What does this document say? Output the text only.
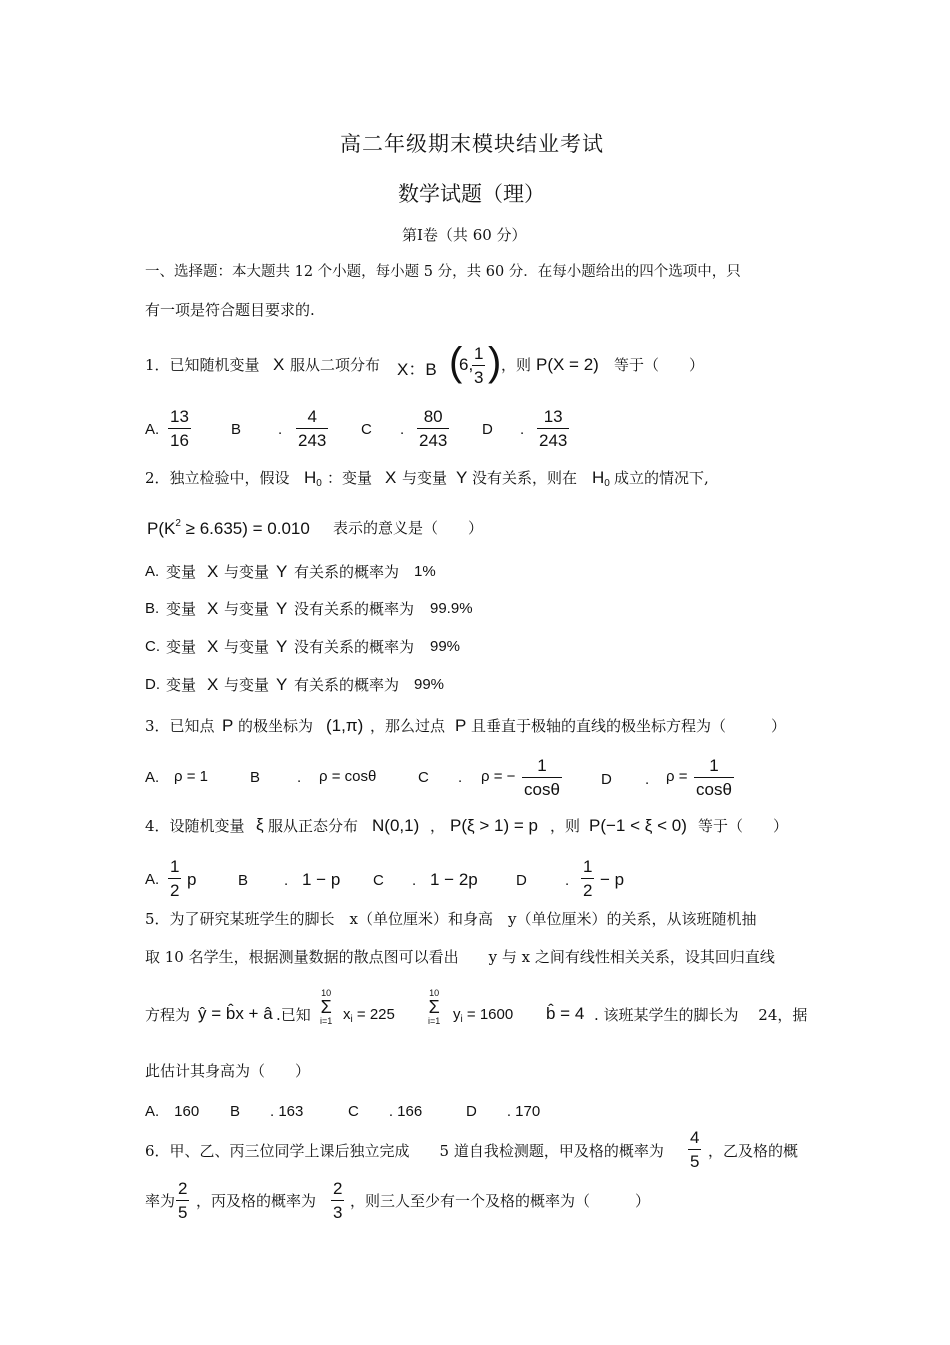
高二年级期末模块结业考试
数学试题（理）
第Ⅰ卷（共 60 分）
一、选择题：本大题共 12 个小题，每小题 5 分，共 60 分．在每小题给出的四个选项中，只
有一项是符合题目要求的.
1．已知随机变量 X 服从二项分布 X：B (
6,
$\frac{1}{3}$ ) ，则 P(X = 2) 等于（　　）
A. $\frac{13}{16}$	B . $\frac{4}{243}$ C . $\frac{80}{243}$ D . $\frac{13}{243}$
2．独立检验中，假设 $H_0$ ：变量 X 与变量 Y 没有关系，则在 $H_0$ 成立的情况下,
$P(K^2 \ge 6.635) = 0.010$ 表示的意义是（　　）
A. 变量 X 与变量 Y 有关系的概率为 1%
B. 变量 X 与变量 Y 没有关系的概率为 99.9%
C. 变量 X 与变量 Y 没有关系的概率为 99%
D. 变量 X 与变量 Y 有关系的概率为 99%
3．已知点 P 的极坐标为 (1,π) ，那么过点 P 且垂直于极轴的直线的极坐标方程为（　　　）
A. ρ = 1	B . ρ = cosθ	C . ρ = − $\frac{1}{\cos\theta}$	D . $\rho = \frac{1}{\cos\theta}$
4．设随机变量 ξ 服从正态分布 N(0,1) ， P(ξ > 1) = p ，则 P(−1 < ξ < 0) 等于（　　）
A. $\frac{1}{2}$ p	B . 1 − p C . 1 − 2p	D	. $\frac{1}{2} - p$
5．为了研究某班学生的脚长　x（单位厘米）和身高　y（单位厘米）的关系，从该班随机抽
取 10 名学生，根据测量数据的散点图可以看出　　y 与 x 之间有线性相关关系，设其回归直线
方程为 ŷ = b̂x + â .已知
10
Σ
i=1 $x_i = 225$
10
Σ
i=1 $y_i = 1600$ b̂ = 4 . 该班某学生的脚长为　 24，据
此估计其身高为（　　）
A.　160 B　　. 163	C　　. 166	D　　. 170
6．甲、乙、丙三位同学上课后独立完成　　5 道自我检测题，甲及格的概率为 $\frac{4}{5}$ ，乙及格的概
率为 $\frac{2}{5}$ ，丙及格的概率为 $\frac{2}{3}$ ，则三人至少有一个及格的概率为（　　　）
